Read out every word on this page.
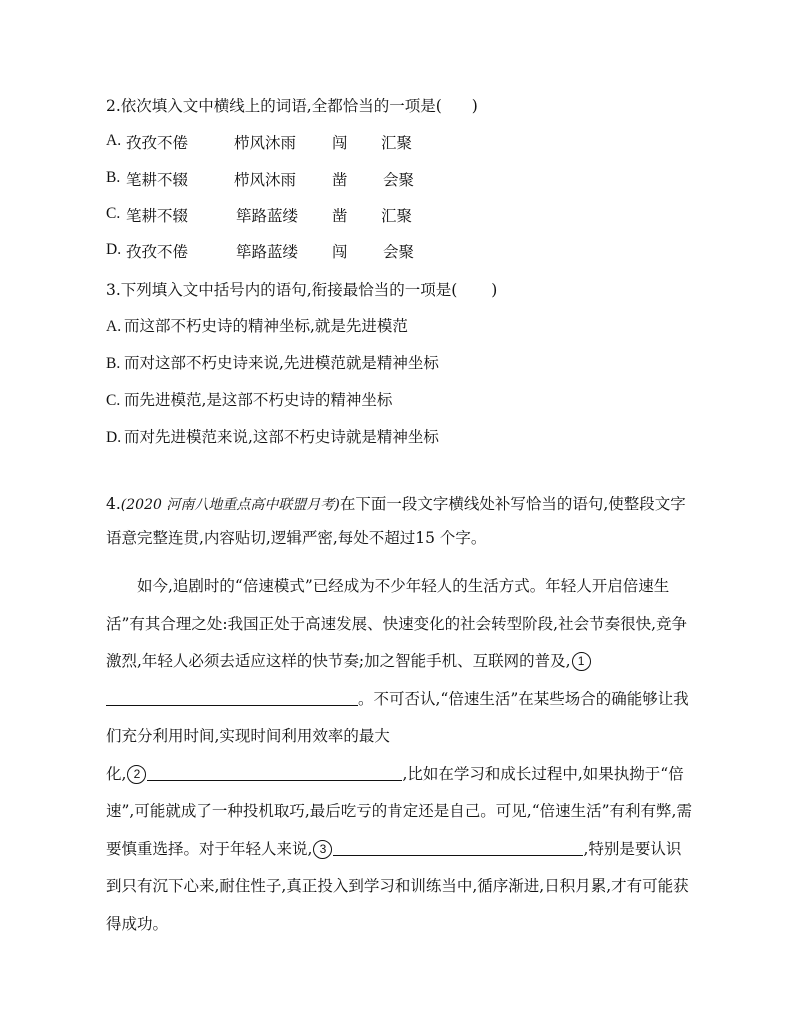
2.依次填入文中横线上的词语,全都恰当的一项是( )
A. 孜孜不倦	栉风沐雨 闯 汇聚
B. 笔耕不辍	栉风沐雨 凿 会聚
C. 笔耕不辍	筚路蓝缕 凿 汇聚
D. 孜孜不倦	筚路蓝缕 闯 会聚
3.下列填入文中括号内的语句,衔接最恰当的一项是( )
A. 而这部不朽史诗的精神坐标,就是先进模范
B. 而对这部不朽史诗来说,先进模范就是精神坐标
C. 而先进模范,是这部不朽史诗的精神坐标
D. 而对先进模范来说,这部不朽史诗就是精神坐标
4.(2020 河南八地重点高中联盟月考)在下面一段文字横线处补写恰当的语句,使整段文字语意完整连贯,内容贴切,逻辑严密,每处不超过15 个字。
如今,追剧时的“倍速模式”已经成为不少年轻人的生活方式。年轻人开启倍速生活”有其合理之处:我国正处于高速发展、快速变化的社会转型阶段,社会节奏很快,竞争激烈,年轻人必须去适应这样的快节奏;加之智能手机、互联网的普及, 1。不可否认,“倍速生活”在某些场合的确能够让我们充分利用时间,实现时间利用效率的最大
化, 2	,比如在学习和成长过程中,如果执拗于“倍速”,可能就成了一种投机取巧,最后吃亏的肯定还是自己。可见,“倍速生活”有利有弊,需要慎重选择。对于年轻人来说, 3	,特别是要认识到只有沉下心来,耐住性子,真正投入到学习和训练当中,循序渐进,日积月累,才有可能获得成功。
